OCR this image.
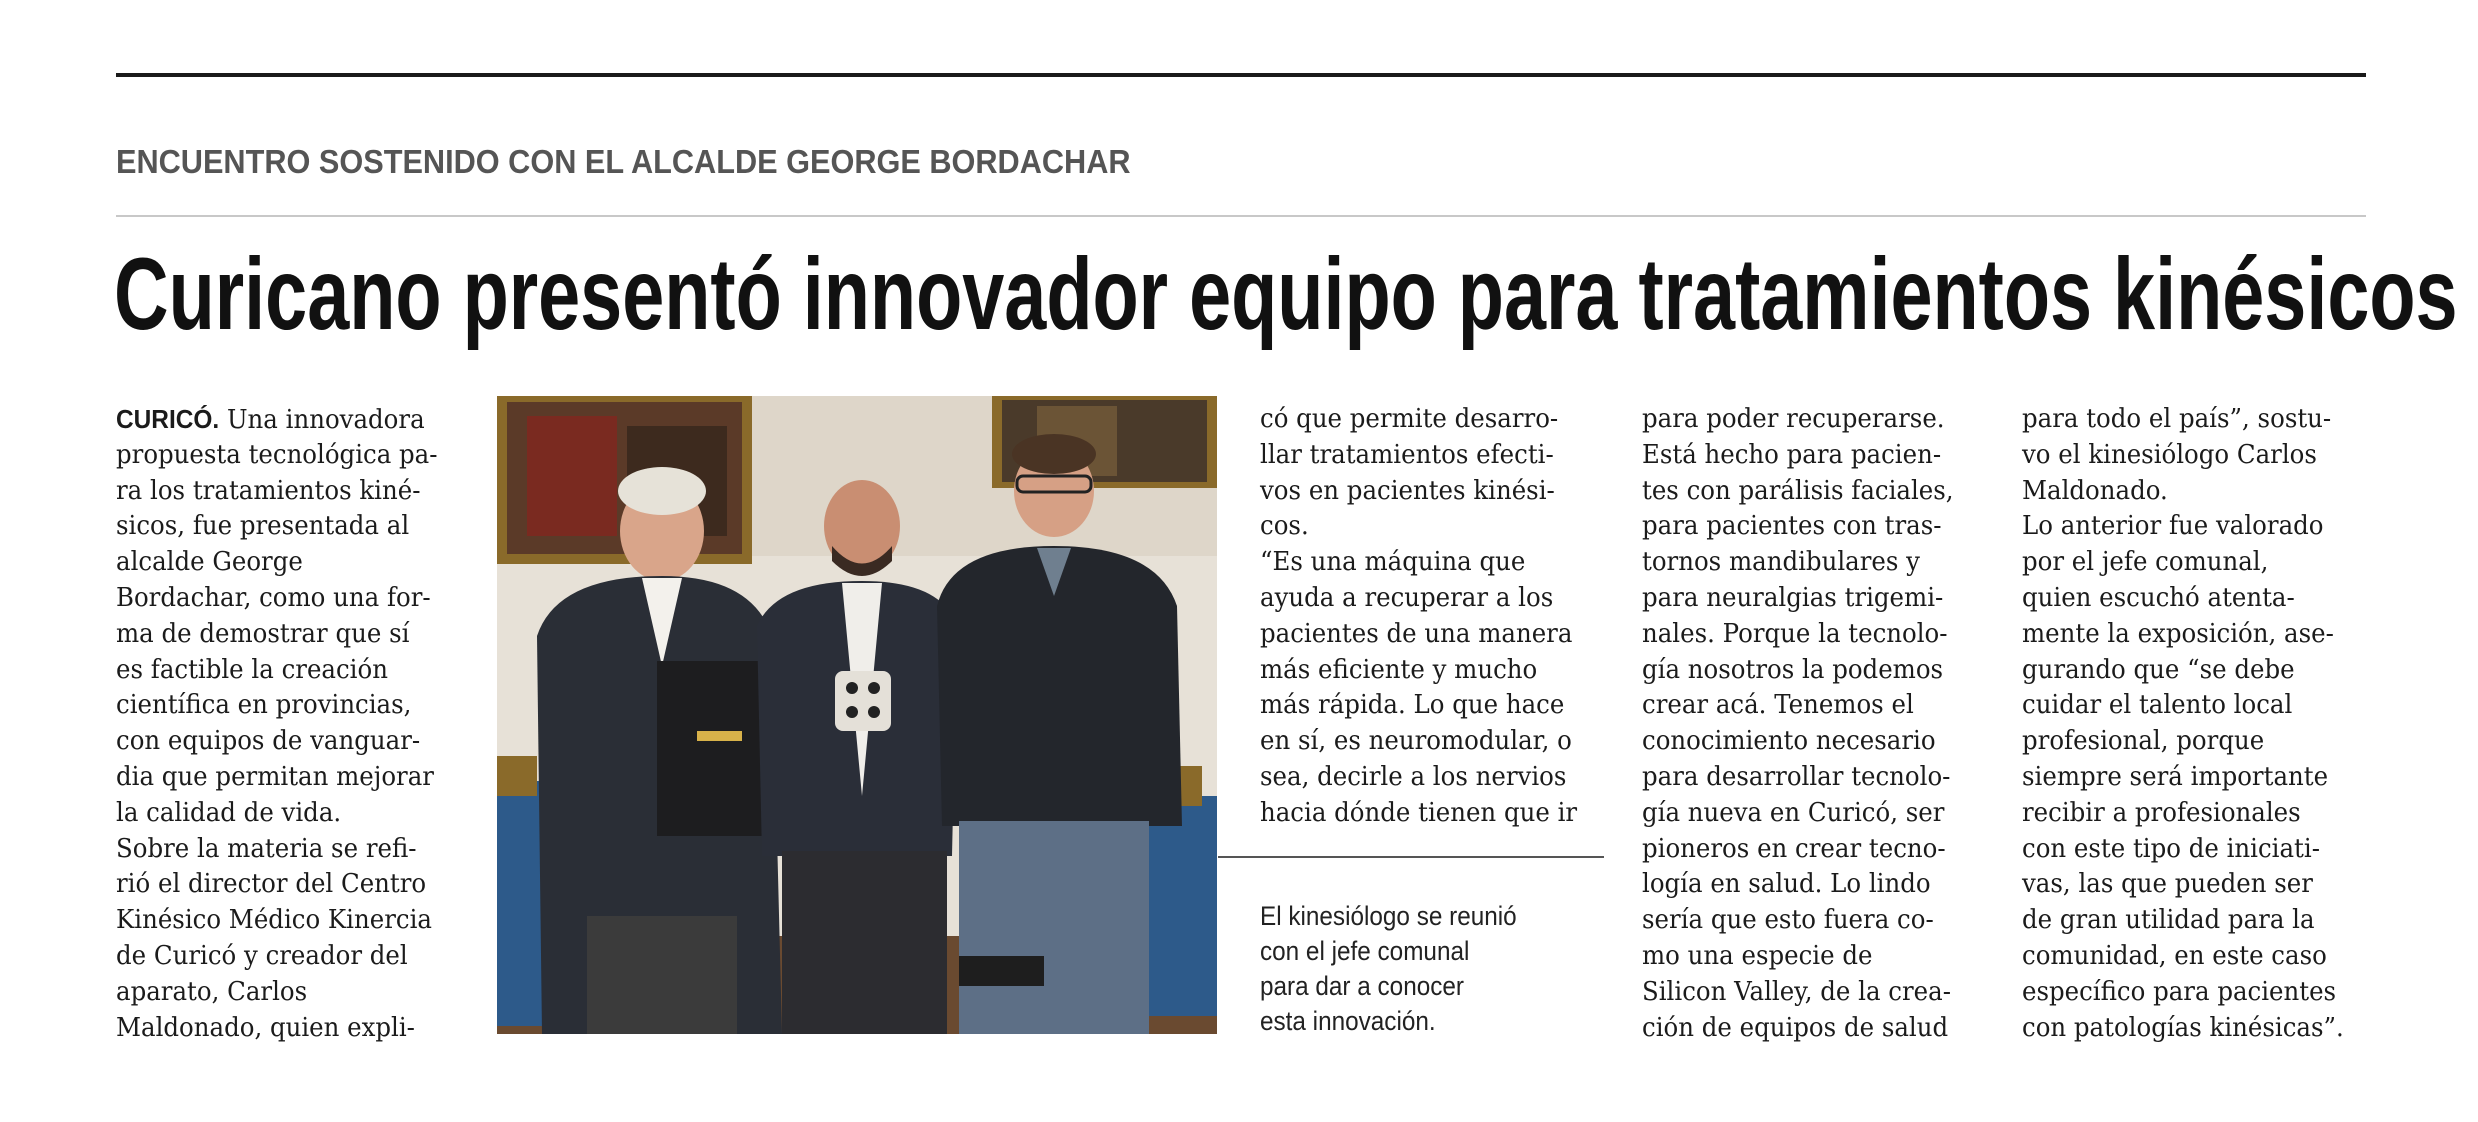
ENCUENTRO SOSTENIDO CON EL ALCALDE GEORGE BORDACHAR
Curicano presentó innovador equipo para tratamientos kinésicos
CURICÓ. Una innovadora
propuesta tecnológica pa-
ra los tratamientos kiné-
sicos, fue presentada al
alcalde George
Bordachar, como una for-
ma de demostrar que sí
es factible la creación
científica en provincias,
con equipos de vanguar-
dia que permitan mejorar
la calidad de vida.
Sobre la materia se refi-
rió el director del Centro
Kinésico Médico Kinercia
de Curicó y creador del
aparato, Carlos
Maldonado, quien expli-
có que permite desarro-
llar tratamientos efecti-
vos en pacientes kinési-
cos.
“Es una máquina que
ayuda a recuperar a los
pacientes de una manera
más eficiente y mucho
más rápida. Lo que hace
en sí, es neuromodular, o
sea, decirle a los nervios
hacia dónde tienen que ir
El kinesiólogo se reunió
con el jefe comunal
para dar a conocer
esta innovación.
para poder recuperarse.
Está hecho para pacien-
tes con parálisis faciales,
para pacientes con tras-
tornos mandibulares y
para neuralgias trigemi-
nales. Porque la tecnolo-
gía nosotros la podemos
crear acá. Tenemos el
conocimiento necesario
para desarrollar tecnolo-
gía nueva en Curicó, ser
pioneros en crear tecno-
logía en salud. Lo lindo
sería que esto fuera co-
mo una especie de
Silicon Valley, de la crea-
ción de equipos de salud
para todo el país”, sostu-
vo el kinesiólogo Carlos
Maldonado.
Lo anterior fue valorado
por el jefe comunal,
quien escuchó atenta-
mente la exposición, ase-
gurando que “se debe
cuidar el talento local
profesional, porque
siempre será importante
recibir a profesionales
con este tipo de iniciati-
vas, las que pueden ser
de gran utilidad para la
comunidad, en este caso
específico para pacientes
con patologías kinésicas”.
